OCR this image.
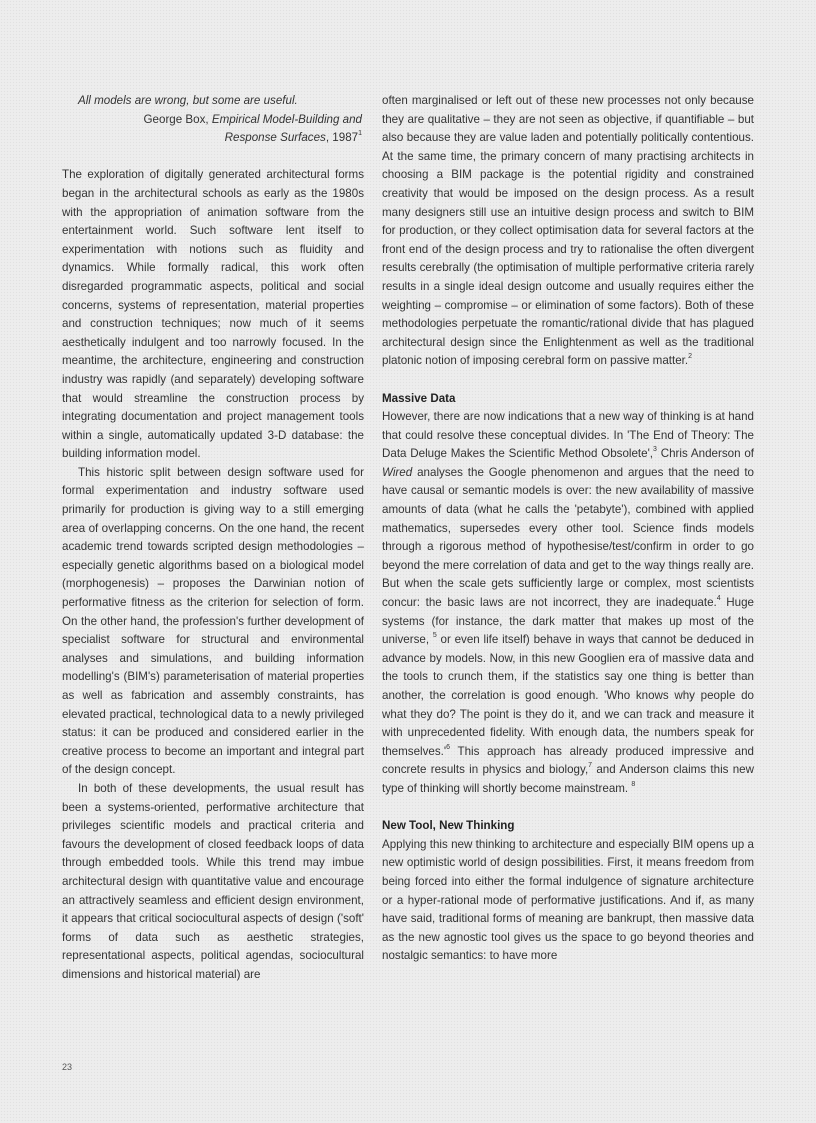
All models are wrong, but some are useful.

George Box, Empirical Model-Building and

Response Surfaces, 1987$^1$

The exploration of digitally generated architectural forms began in the architectural schools as early as the 1980s with the appropriation of animation software from the entertainment world. Such software lent itself to experimentation with notions such as fluidity and dynamics. While formally radical, this work often disregarded programmatic aspects, political and social concerns, systems of representation, material properties and construction techniques; now much of it seems aesthetically indulgent and too narrowly focused. In the meantime, the architecture, engineering and construction industry was rapidly (and separately) developing software that would streamline the construction process by integrating documentation and project management tools within a single, automatically updated 3-D database: the building information model.

This historic split between design software used for formal experimentation and industry software used primarily for production is giving way to a still emerging area of overlapping concerns. On the one hand, the recent academic trend towards scripted design methodologies – especially genetic algorithms based on a biological model (morphogenesis) – proposes the Darwinian notion of performative fitness as the criterion for selection of form. On the other hand, the profession's further development of specialist software for structural and environmental analyses and simulations, and building information modelling's (BIM's) parameterisation of material properties as well as fabrication and assembly constraints, has elevated practical, technological data to a newly privileged status: it can be produced and considered earlier in the creative process to become an important and integral part of the design concept.

In both of these developments, the usual result has been a systems-oriented, performative architecture that privileges scientific models and practical criteria and favours the development of closed feedback loops of data through embedded tools. While this trend may imbue architectural design with quantitative value and encourage an attractively seamless and efficient design environment, it appears that critical sociocultural aspects of design ('soft' forms of data such as aesthetic strategies, representational aspects, political agendas, sociocultural dimensions and historical material) are

often marginalised or left out of these new processes not only because they are qualitative – they are not seen as objective, if quantifiable – but also because they are value laden and potentially politically contentious. At the same time, the primary concern of many practising architects in choosing a BIM package is the potential rigidity and constrained creativity that would be imposed on the design process. As a result many designers still use an intuitive design process and switch to BIM for production, or they collect optimisation data for several factors at the front end of the design process and try to rationalise the often divergent results cerebrally (the optimisation of multiple performative criteria rarely results in a single ideal design outcome and usually requires either the weighting – compromise – or elimination of some factors). Both of these methodologies perpetuate the romantic/rational divide that has plagued architectural design since the Enlightenment as well as the traditional platonic notion of imposing cerebral form on passive matter.$^2$

Massive Data

However, there are now indications that a new way of thinking is at hand that could resolve these conceptual divides. In 'The End of Theory: The Data Deluge Makes the Scientific Method Obsolete',$^3$ Chris Anderson of Wired analyses the Google phenomenon and argues that the need to have causal or semantic models is over: the new availability of massive amounts of data (what he calls the 'petabyte'), combined with applied mathematics, supersedes every other tool. Science finds models through a rigorous method of hypothesise/test/confirm in order to go beyond the mere correlation of data and get to the way things really are. But when the scale gets sufficiently large or complex, most scientists concur: the basic laws are not incorrect, they are inadequate.$^4$ Huge systems (for instance, the dark matter that makes up most of the universe, $^5$ or even life itself) behave in ways that cannot be deduced in advance by models. Now, in this new Googlien era of massive data and the tools to crunch them, if the statistics say one thing is better than another, the correlation is good enough. 'Who knows why people do what they do? The point is they do it, and we can track and measure it with unprecedented fidelity. With enough data, the numbers speak for $themselves.'^6$ This approach has already produced impressive and concrete results in physics and biology,$^7$ and Anderson claims this new type of thinking will shortly become mainstream. $^8$

New Tool, New Thinking

Applying this new thinking to architecture and especially BIM opens up a new optimistic world of design possibilities. First, it means freedom from being forced into either the formal indulgence of signature architecture or a hyper-rational mode of performative justifications. And if, as many have said, traditional forms of meaning are bankrupt, then massive data as the new agnostic tool gives us the space to go beyond theories and nostalgic semantics: to have more

23
